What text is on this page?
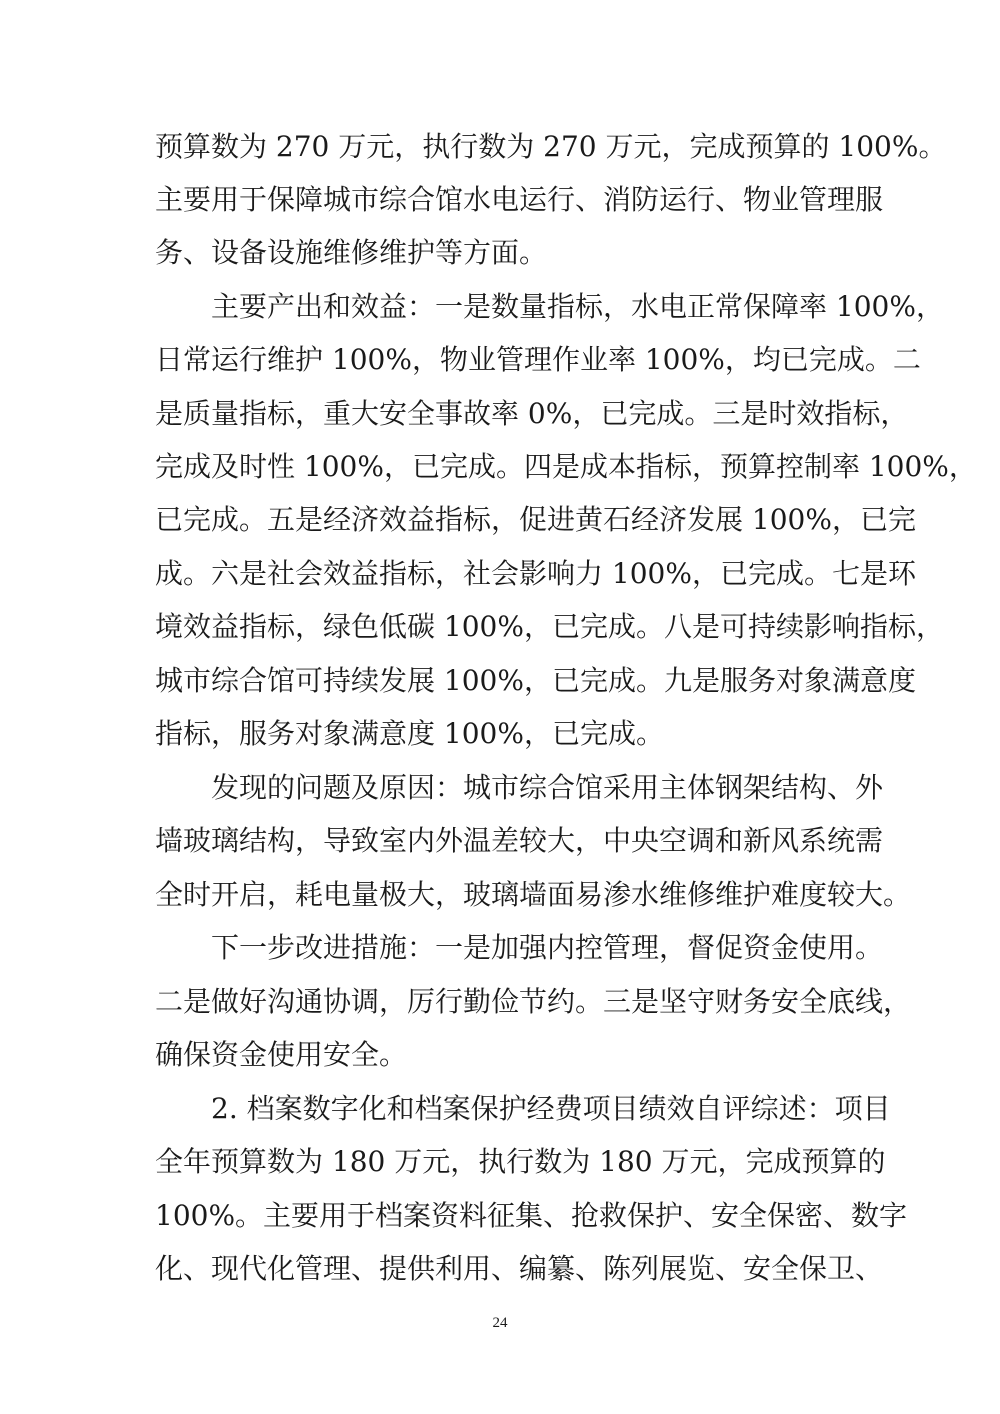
预算数为 270 万元，执行数为 270 万元，完成预算的 100%。

主要用于保障城市综合馆水电运行、消防运行、物业管理服

务、设备设施维修维护等方面。

主要产出和效益：一是数量指标，水电正常保障率 100%，

日常运行维护 100%，物业管理作业率 100%，均已完成。二

是质量指标，重大安全事故率 0%，已完成。三是时效指标，

完成及时性 100%，已完成。四是成本指标，预算控制率 100%，

已完成。五是经济效益指标，促进黄石经济发展 100%，已完

成。六是社会效益指标，社会影响力 100%，已完成。七是环

境效益指标，绿色低碳 100%，已完成。八是可持续影响指标，

城市综合馆可持续发展 100%，已完成。九是服务对象满意度

指标，服务对象满意度 100%，已完成。

发现的问题及原因：城市综合馆采用主体钢架结构、外

墙玻璃结构，导致室内外温差较大，中央空调和新风系统需

全时开启，耗电量极大，玻璃墙面易渗水维修维护难度较大。

下一步改进措施：一是加强内控管理，督促资金使用。

二是做好沟通协调，厉行勤俭节约。三是坚守财务安全底线，

确保资金使用安全。

2. 档案数字化和档案保护经费项目绩效自评综述：项目

全年预算数为 180 万元，执行数为 180 万元，完成预算的

100%。主要用于档案资料征集、抢救保护、安全保密、数字

化、现代化管理、提供利用、编纂、陈列展览、安全保卫、

24
